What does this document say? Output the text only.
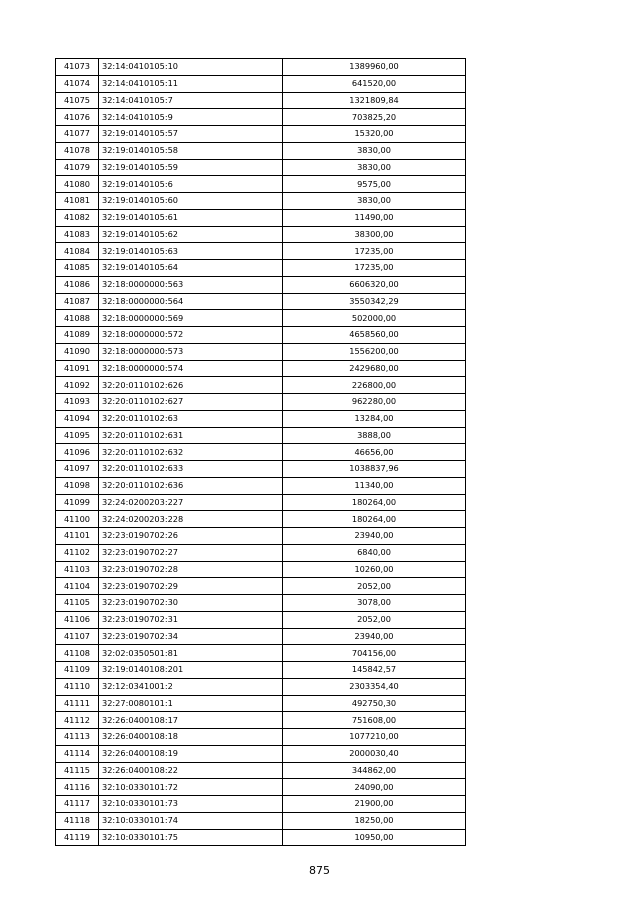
41073	32:14:0410105:10	1389960,00
41074	32:14:0410105:11	641520,00
41075	32:14:0410105:7	1321809,84
41076	32:14:0410105:9	703825,20
41077	32:19:0140105:57	15320,00
41078	32:19:0140105:58	3830,00
41079	32:19:0140105:59	3830,00
41080	32:19:0140105:6	9575,00
41081	32:19:0140105:60	3830,00
41082	32:19:0140105:61	11490,00
41083	32:19:0140105:62	38300,00
41084	32:19:0140105:63	17235,00
41085	32:19:0140105:64	17235,00
41086	32:18:0000000:563	6606320,00
41087	32:18:0000000:564	3550342,29
41088	32:18:0000000:569	502000,00
41089	32:18:0000000:572	4658560,00
41090	32:18:0000000:573	1556200,00
41091	32:18:0000000:574	2429680,00
41092	32:20:0110102:626	226800,00
41093	32:20:0110102:627	962280,00
41094	32:20:0110102:63	13284,00
41095	32:20:0110102:631	3888,00
41096	32:20:0110102:632	46656,00
41097	32:20:0110102:633	1038837,96
41098	32:20:0110102:636	11340,00
41099	32:24:0200203:227	180264,00
41100	32:24:0200203:228	180264,00
41101	32:23:0190702:26	23940,00
41102	32:23:0190702:27	6840,00
41103	32:23:0190702:28	10260,00
41104	32:23:0190702:29	2052,00
41105	32:23:0190702:30	3078,00
41106	32:23:0190702:31	2052,00
41107	32:23:0190702:34	23940,00
41108	32:02:0350501:81	704156,00
41109	32:19:0140108:201	145842,57
41110	32:12:0341001:2	2303354,40
41111	32:27:0080101:1	492750,30
41112	32:26:0400108:17	751608,00
41113	32:26:0400108:18	1077210,00
41114	32:26:0400108:19	2000030,40
41115	32:26:0400108:22	344862,00
41116	32:10:0330101:72	24090,00
41117	32:10:0330101:73	21900,00
41118	32:10:0330101:74	18250,00
41119	32:10:0330101:75	10950,00
875
